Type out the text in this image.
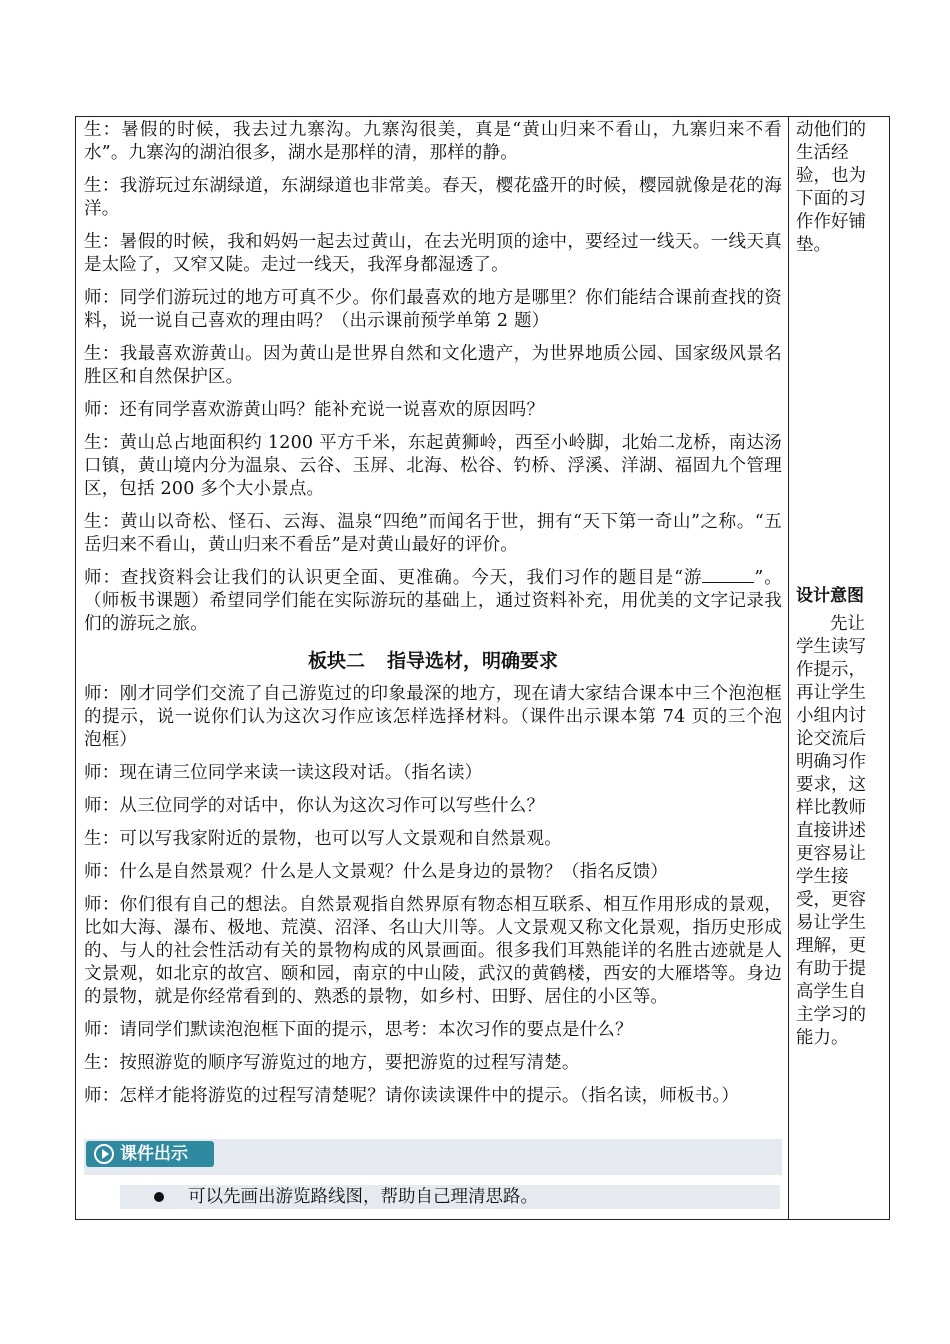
生：暑假的时候，我去过九寨沟。九寨沟很美，真是“黄山归来不看山，九寨归来不看水”。九寨沟的湖泊很多，湖水是那样的清，那样的静。

生：我游玩过东湖绿道，东湖绿道也非常美。春天，樱花盛开的时候，樱园就像是花的海洋。

生：暑假的时候，我和妈妈一起去过黄山，在去光明顶的途中，要经过一线天。一线天真是太险了，又窄又陡。走过一线天，我浑身都湿透了。

师：同学们游玩过的地方可真不少。你们最喜欢的地方是哪里？你们能结合课前查找的资料，说一说自己喜欢的理由吗？（出示课前预学单第 2 题）

生：我最喜欢游黄山。因为黄山是世界自然和文化遗产，为世界地质公园、国家级风景名胜区和自然保护区。

师：还有同学喜欢游黄山吗？能补充说一说喜欢的原因吗？

生：黄山总占地面积约 1200 平方千米，东起黄狮岭，西至小岭脚，北始二龙桥，南达汤口镇，黄山境内分为温泉、云谷、玉屏、北海、松谷、钓桥、浮溪、洋湖、福固九个管理区，包括 200 多个大小景点。

生：黄山以奇松、怪石、云海、温泉“四绝”而闻名于世，拥有“天下第一奇山”之称。“五岳归来不看山，黄山归来不看岳”是对黄山最好的评价。

师：查找资料会让我们的认识更全面、更准确。今天，我们习作的题目是“游	”。（师板书课题）希望同学们能在实际游玩的基础上，通过资料补充，用优美的文字记录我们的游玩之旅。

板块二 指导选材，明确要求

师：刚才同学们交流了自己游览过的印象最深的地方，现在请大家结合课本中三个泡泡框的提示，说一说你们认为这次习作应该怎样选择材料。（课件出示课本第 74 页的三个泡泡框）

师：现在请三位同学来读一读这段对话。（指名读）

师：从三位同学的对话中，你认为这次习作可以写些什么？

生：可以写我家附近的景物，也可以写人文景观和自然景观。

师：什么是自然景观？什么是人文景观？什么是身边的景物？（指名反馈）

师：你们很有自己的想法。自然景观指自然界原有物态相互联系、相互作用形成的景观，比如大海、瀑布、极地、荒漠、沼泽、名山大川等。人文景观又称文化景观，指历史形成的、与人的社会性活动有关的景物构成的风景画面。很多我们耳熟能详的名胜古迹就是人文景观，如北京的故宫、颐和园，南京的中山陵，武汉的黄鹤楼，西安的大雁塔等。身边的景物，就是你经常看到的、熟悉的景物，如乡村、田野、居住的小区等。

师：请同学们默读泡泡框下面的提示，思考：本次习作的要点是什么？

生：按照游览的顺序写游览过的地方，要把游览的过程写清楚。

师：怎样才能将游览的过程写清楚呢？请你读读课件中的提示。（指名读，师板书。）

动他们的生活经验，也为下面的习作作好铺垫。

设计意图

先让学生读写作提示，再让学生小组内讨论交流后明确习作要求，这样比教师直接讲述更容易让学生接受，更容易让学生理解，更有助于提高学生自主学习的能力。

课件出示
可以先画出游览路线图，帮助自己理清思路。
